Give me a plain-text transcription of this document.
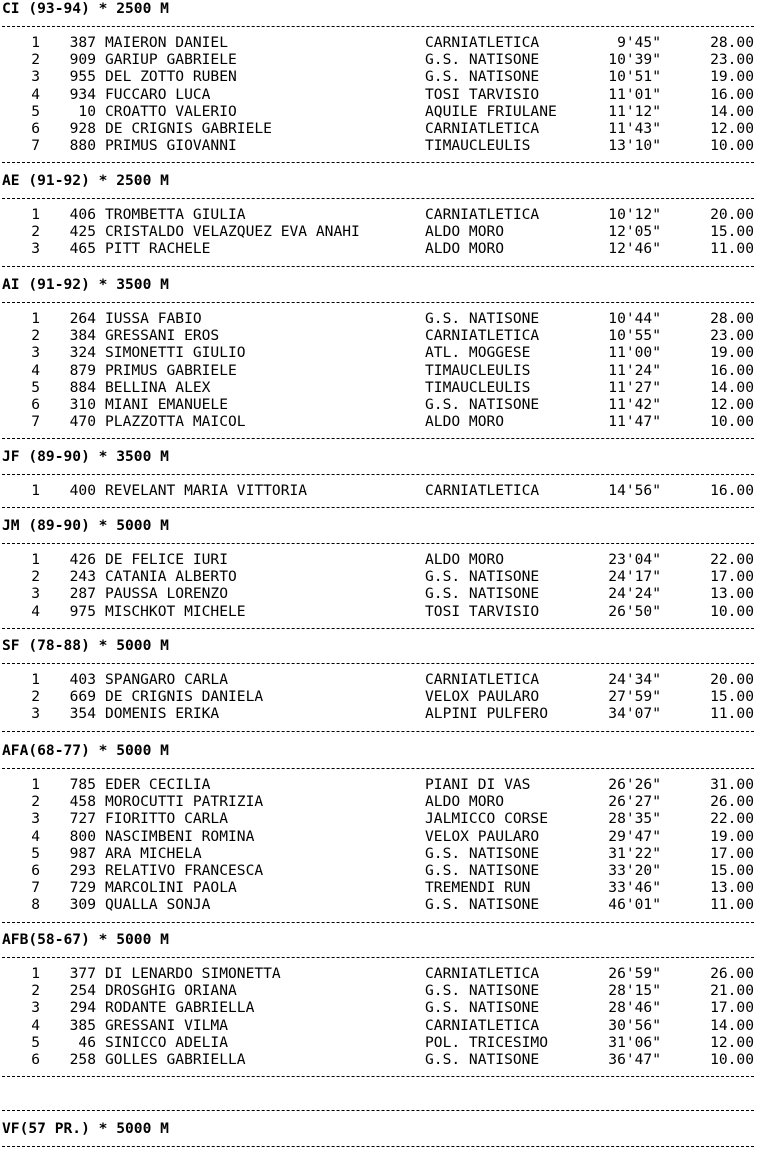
CI (93-94) * 2500 M
1	387 MAIERON DANIEL	CARNIATLETICA	9'45"	28.00
2	909 GARIUP GABRIELE	G.S. NATISONE	10'39"	23.00
3	955 DEL ZOTTO RUBEN	G.S. NATISONE	10'51"	19.00
4	934 FUCCARO LUCA	TOSI TARVISIO	11'01"	16.00
5	10 CROATTO VALERIO	AQUILE FRIULANE	11'12"	14.00
6	928 DE CRIGNIS GABRIELE	CARNIATLETICA	11'43"	12.00
7	880 PRIMUS GIOVANNI	TIMAUCLEULIS	13'10"	10.00
AE (91-92) * 2500 M
1	406 TROMBETTA GIULIA	CARNIATLETICA	10'12"	20.00
2	425 CRISTALDO VELAZQUEZ EVA ANAHI	ALDO MORO	12'05"	15.00
3	465 PITT RACHELE	ALDO MORO	12'46"	11.00
AI (91-92) * 3500 M
1	264 IUSSA FABIO	G.S. NATISONE	10'44"	28.00
2	384 GRESSANI EROS	CARNIATLETICA	10'55"	23.00
3	324 SIMONETTI GIULIO	ATL. MOGGESE	11'00"	19.00
4	879 PRIMUS GABRIELE	TIMAUCLEULIS	11'24"	16.00
5	884 BELLINA ALEX	TIMAUCLEULIS	11'27"	14.00
6	310 MIANI EMANUELE	G.S. NATISONE	11'42"	12.00
7	470 PLAZZOTTA MAICOL	ALDO MORO	11'47"	10.00
JF (89-90) * 3500 M
1	400 REVELANT MARIA VITTORIA	CARNIATLETICA	14'56"	16.00
JM (89-90) * 5000 M
1	426 DE FELICE IURI	ALDO MORO	23'04"	22.00
2	243 CATANIA ALBERTO	G.S. NATISONE	24'17"	17.00
3	287 PAUSSA LORENZO	G.S. NATISONE	24'24"	13.00
4	975 MISCHKOT MICHELE	TOSI TARVISIO	26'50"	10.00
SF (78-88) * 5000 M
1	403 SPANGARO CARLA	CARNIATLETICA	24'34"	20.00
2	669 DE CRIGNIS DANIELA	VELOX PAULARO	27'59"	15.00
3	354 DOMENIS ERIKA	ALPINI PULFERO	34'07"	11.00
AFA(68-77) * 5000 M
1	785 EDER CECILIA	PIANI DI VAS	26'26"	31.00
2	458 MOROCUTTI PATRIZIA	ALDO MORO	26'27"	26.00
3	727 FIORITTO CARLA	JALMICCO CORSE	28'35"	22.00
4	800 NASCIMBENI ROMINA	VELOX PAULARO	29'47"	19.00
5	987 ARA MICHELA	G.S. NATISONE	31'22"	17.00
6	293 RELATIVO FRANCESCA	G.S. NATISONE	33'20"	15.00
7	729 MARCOLINI PAOLA	TREMENDI RUN	33'46"	13.00
8	309 QUALLA SONJA	G.S. NATISONE	46'01"	11.00
AFB(58-67) * 5000 M
1	377 DI LENARDO SIMONETTA	CARNIATLETICA	26'59"	26.00
2	254 DROSGHIG ORIANA	G.S. NATISONE	28'15"	21.00
3	294 RODANTE GABRIELLA	G.S. NATISONE	28'46"	17.00
4	385 GRESSANI VILMA	CARNIATLETICA	30'56"	14.00
5	46 SINICCO ADELIA	POL. TRICESIMO	31'06"	12.00
6	258 GOLLES GABRIELLA	G.S. NATISONE	36'47"	10.00
VF(57 PR.) * 5000 M
